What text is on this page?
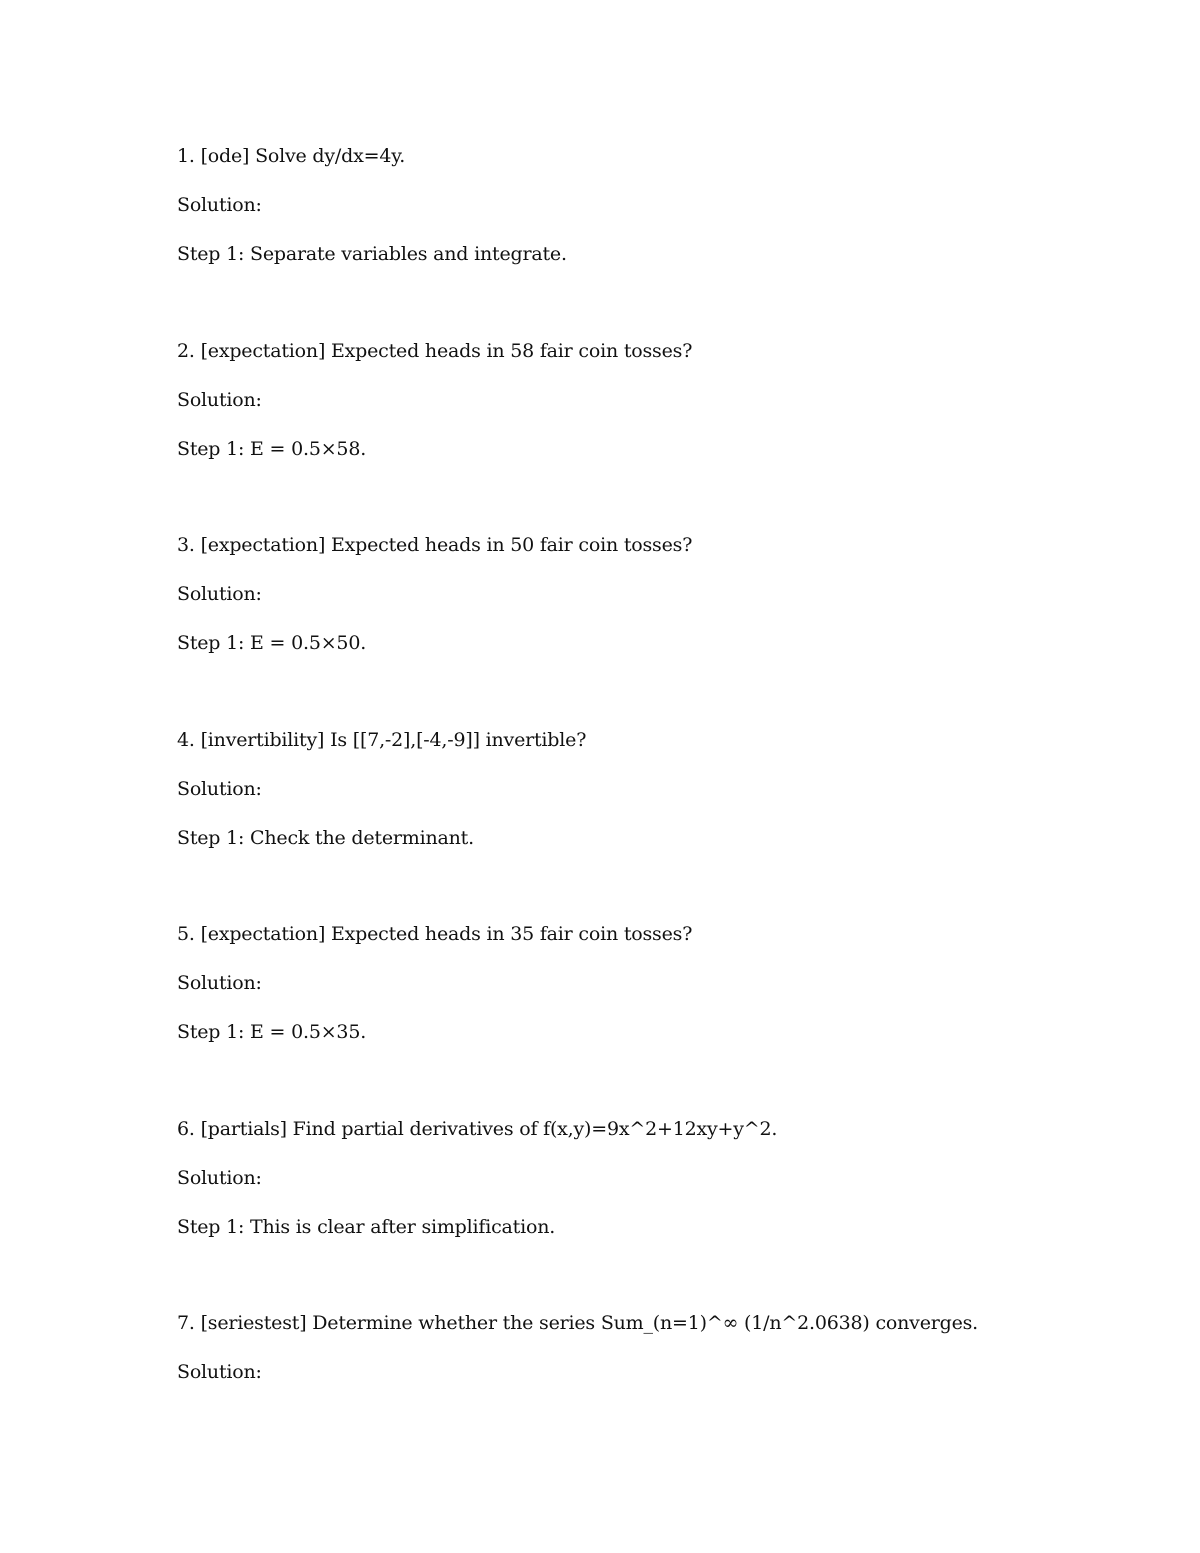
1. [ode] Solve dy/dx=4y.
Solution:
Step 1: Separate variables and integrate.
2. [expectation] Expected heads in 58 fair coin tosses?
Solution:
Step 1: E = 0.5×58.
3. [expectation] Expected heads in 50 fair coin tosses?
Solution:
Step 1: E = 0.5×50.
4. [invertibility] Is [[7,-2],[-4,-9]] invertible?
Solution:
Step 1: Check the determinant.
5. [expectation] Expected heads in 35 fair coin tosses?
Solution:
Step 1: E = 0.5×35.
6. [partials] Find partial derivatives of f(x,y)=9x^2+12xy+y^2.
Solution:
Step 1: This is clear after simplification.
7. [seriestest] Determine whether the series Sum_(n=1)^∞ (1/n^2.0638) converges.
Solution:
